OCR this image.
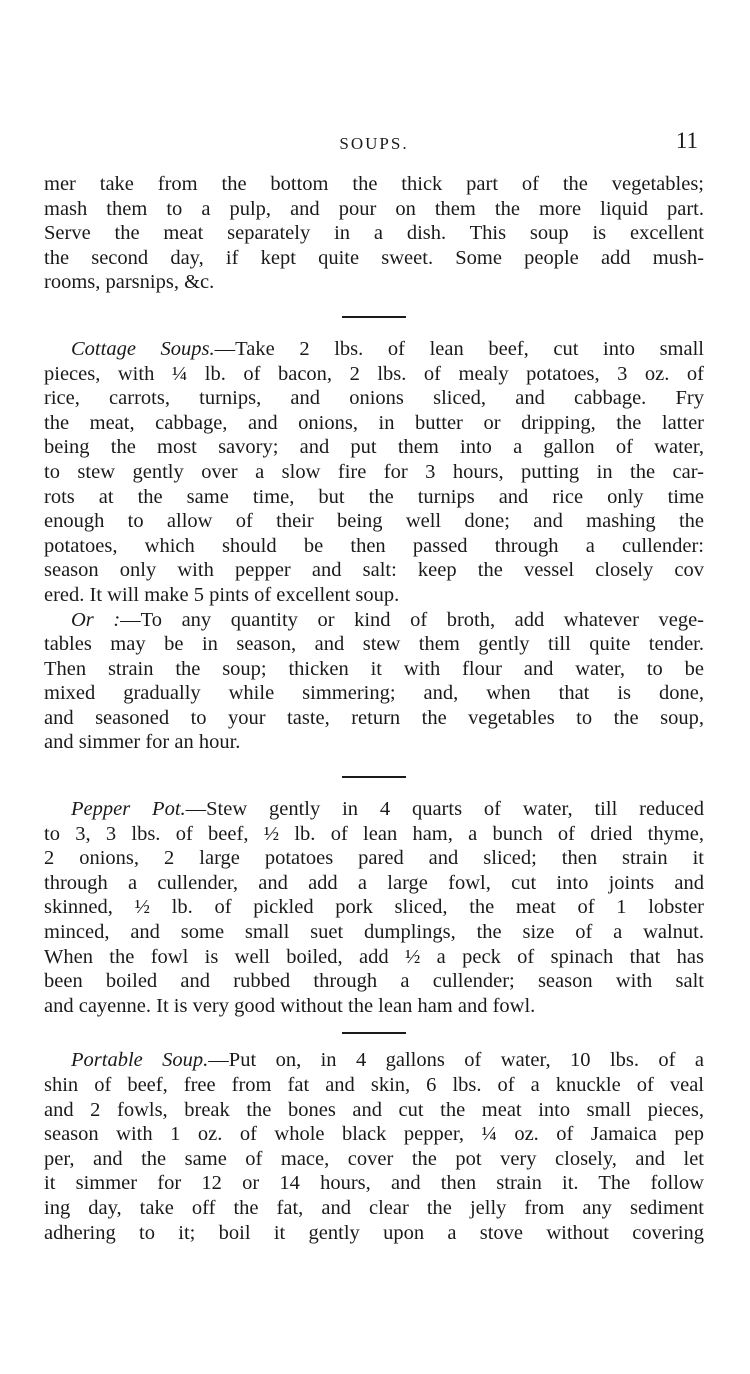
SOUPS.	11
mer take from the bottom the thick part of the vegetables;
mash them to a pulp, and pour on them the more liquid part.
Serve the meat separately in a dish. This soup is excellent
the second day, if kept quite sweet. Some people add mush-
rooms, parsnips, &c.
Cottage Soups.—Take 2 lbs. of lean beef, cut into small
pieces, with ¼ lb. of bacon, 2 lbs. of mealy potatoes, 3 oz. of
rice, carrots, turnips, and onions sliced, and cabbage. Fry
the meat, cabbage, and onions, in butter or dripping, the latter
being the most savory; and put them into a gallon of water,
to stew gently over a slow fire for 3 hours, putting in the car-
rots at the same time, but the turnips and rice only time
enough to allow of their being well done; and mashing the
potatoes, which should be then passed through a cullender:
season only with pepper and salt: keep the vessel closely cov
ered. It will make 5 pints of excellent soup.
Or :—To any quantity or kind of broth, add whatever vege-
tables may be in season, and stew them gently till quite tender.
Then strain the soup; thicken it with flour and water, to be
mixed gradually while simmering; and, when that is done,
and seasoned to your taste, return the vegetables to the soup,
and simmer for an hour.
Pepper Pot.—Stew gently in 4 quarts of water, till reduced
to 3, 3 lbs. of beef, ½ lb. of lean ham, a bunch of dried thyme,
2 onions, 2 large potatoes pared and sliced; then strain it
through a cullender, and add a large fowl, cut into joints and
skinned, ½ lb. of pickled pork sliced, the meat of 1 lobster
minced, and some small suet dumplings, the size of a walnut.
When the fowl is well boiled, add ½ a peck of spinach that has
been boiled and rubbed through a cullender; season with salt
and cayenne. It is very good without the lean ham and fowl.
Portable Soup.—Put on, in 4 gallons of water, 10 lbs. of a
shin of beef, free from fat and skin, 6 lbs. of a knuckle of veal
and 2 fowls, break the bones and cut the meat into small pieces,
season with 1 oz. of whole black pepper, ¼ oz. of Jamaica pep
per, and the same of mace, cover the pot very closely, and let
it simmer for 12 or 14 hours, and then strain it. The follow
ing day, take off the fat, and clear the jelly from any sediment
adhering to it; boil it gently upon a stove without covering
